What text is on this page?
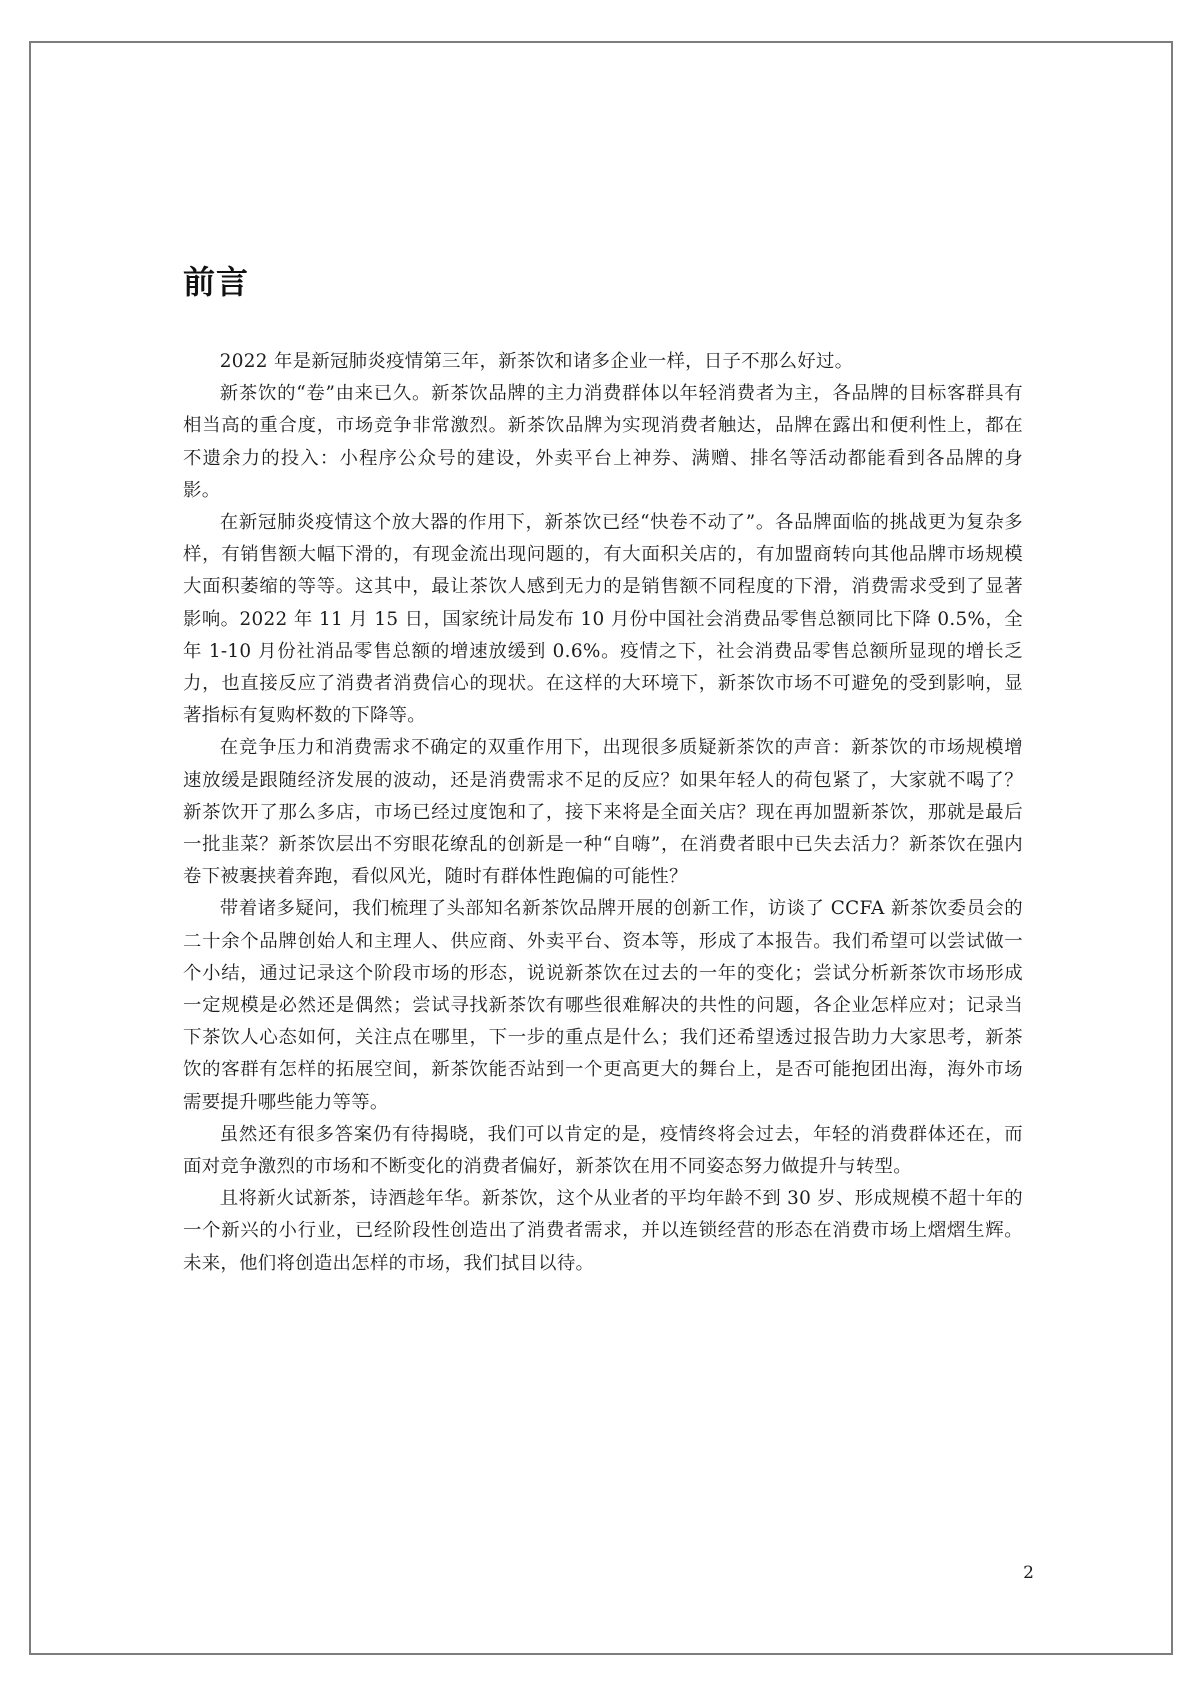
前言

2022 年是新冠肺炎疫情第三年，新茶饮和诸多企业一样，日子不那么好过。

新茶饮的“卷”由来已久。新茶饮品牌的主力消费群体以年轻消费者为主，各品牌的目标客群具有相当高的重合度，市场竞争非常激烈。新茶饮品牌为实现消费者触达，品牌在露出和便利性上，都在不遗余力的投入：小程序公众号的建设，外卖平台上神券、满赠、排名等活动都能看到各品牌的身影。

在新冠肺炎疫情这个放大器的作用下，新茶饮已经“快卷不动了”。各品牌面临的挑战更为复杂多样，有销售额大幅下滑的，有现金流出现问题的，有大面积关店的，有加盟商转向其他品牌市场规模大面积萎缩的等等。这其中，最让茶饮人感到无力的是销售额不同程度的下滑，消费需求受到了显著影响。2022 年 11 月 15 日，国家统计局发布 10 月份中国社会消费品零售总额同比下降 0.5%，全年 1-10 月份社消品零售总额的增速放缓到 0.6%。疫情之下，社会消费品零售总额所显现的增长乏力，也直接反应了消费者消费信心的现状。在这样的大环境下，新茶饮市场不可避免的受到影响，显著指标有复购杯数的下降等。

在竞争压力和消费需求不确定的双重作用下，出现很多质疑新茶饮的声音：新茶饮的市场规模增速放缓是跟随经济发展的波动，还是消费需求不足的反应？如果年轻人的荷包紧了，大家就不喝了？新茶饮开了那么多店，市场已经过度饱和了，接下来将是全面关店？现在再加盟新茶饮，那就是最后一批韭菜？新茶饮层出不穷眼花缭乱的创新是一种“自嗨”，在消费者眼中已失去活力？新茶饮在强内卷下被裹挟着奔跑，看似风光，随时有群体性跑偏的可能性？

带着诸多疑问，我们梳理了头部知名新茶饮品牌开展的创新工作，访谈了 CCFA 新茶饮委员会的二十余个品牌创始人和主理人、供应商、外卖平台、资本等，形成了本报告。我们希望可以尝试做一个小结，通过记录这个阶段市场的形态，说说新茶饮在过去的一年的变化；尝试分析新茶饮市场形成一定规模是必然还是偶然；尝试寻找新茶饮有哪些很难解决的共性的问题，各企业怎样应对；记录当下茶饮人心态如何，关注点在哪里，下一步的重点是什么；我们还希望透过报告助力大家思考，新茶饮的客群有怎样的拓展空间，新茶饮能否站到一个更高更大的舞台上，是否可能抱团出海，海外市场需要提升哪些能力等等。

虽然还有很多答案仍有待揭晓，我们可以肯定的是，疫情终将会过去，年轻的消费群体还在，而面对竞争激烈的市场和不断变化的消费者偏好，新茶饮在用不同姿态努力做提升与转型。

且将新火试新茶，诗酒趁年华。新茶饮，这个从业者的平均年龄不到 30 岁、形成规模不超十年的一个新兴的小行业，已经阶段性创造出了消费者需求，并以连锁经营的形态在消费市场上熠熠生辉。未来，他们将创造出怎样的市场，我们拭目以待。

2
